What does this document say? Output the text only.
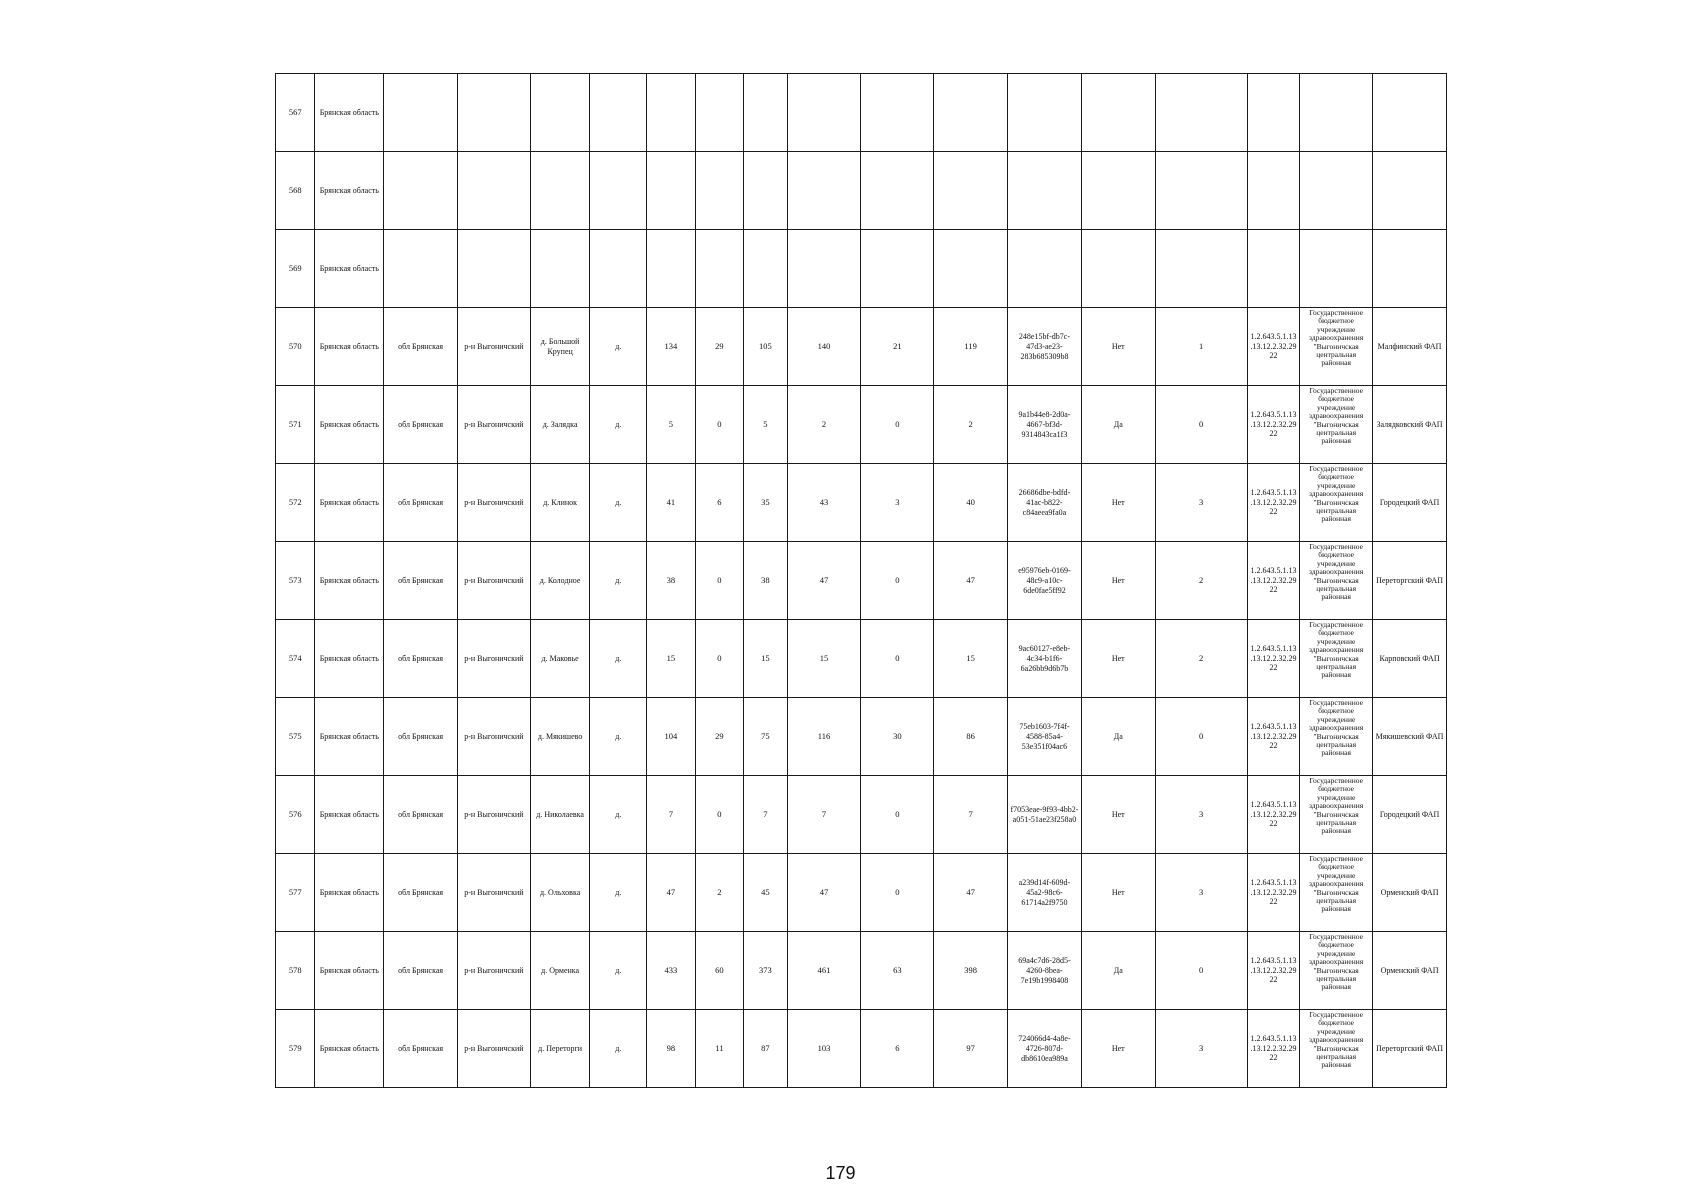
567	Брянская область																
568	Брянская область																
569	Брянская область																
570	Брянская область	обл Брянская	р-н Выгоничский	д. Большой Крупец	д.	134	29	105	140	21	119	248e15bf-db7c-47d3-ae23-283b685309b8	Нет	1	1.2.643.5.1.13.13.12.2.32.2922	Государственное бюджетное учреждение здравоохранения "Выгоничская центральная районная	Малфинский ФАП
571	Брянская область	обл Брянская	р-н Выгоничский	д. Залядка	д.	5	0	5	2	0	2	9a1b44e8-2d0a-4667-bf3d-9314843ca1f3	Да	0	1.2.643.5.1.13.13.12.2.32.2922	Государственное бюджетное учреждение здравоохранения "Выгоничская центральная районная	Залядковский ФАП
572	Брянская область	обл Брянская	р-н Выгоничский	д. Клинок	д.	41	6	35	43	3	40	26686dbe-bdfd-41ac-b822-c84aeea9fa0a	Нет	3	1.2.643.5.1.13.13.12.2.32.2922	Государственное бюджетное учреждение здравоохранения "Выгоничская центральная районная	Городецкий ФАП
573	Брянская область	обл Брянская	р-н Выгоничский	д. Колодное	д.	38	0	38	47	0	47	e95976eb-0169-48c9-a10c-6de0fae5ff92	Нет	2	1.2.643.5.1.13.13.12.2.32.2922	Государственное бюджетное учреждение здравоохранения "Выгоничская центральная районная	Переторгский ФАП
574	Брянская область	обл Брянская	р-н Выгоничский	д. Маковье	д.	15	0	15	15	0	15	9ac60127-e8eb-4c34-b1f6-6a26bb9d6b7b	Нет	2	1.2.643.5.1.13.13.12.2.32.2922	Государственное бюджетное учреждение здравоохранения "Выгоничская центральная районная	Карповский ФАП
575	Брянская область	обл Брянская	р-н Выгоничский	д. Мякишево	д.	104	29	75	116	30	86	75eb1603-7f4f-4588-85a4-53e351f04ac6	Да	0	1.2.643.5.1.13.13.12.2.32.2922	Государственное бюджетное учреждение здравоохранения "Выгоничская центральная районная	Мякишевский ФАП
576	Брянская область	обл Брянская	р-н Выгоничский	д. Николаевка	д.	7	0	7	7	0	7	f7053eae-9f93-4bb2-a051-51ae23f258a0	Нет	3	1.2.643.5.1.13.13.12.2.32.2922	Государственное бюджетное учреждение здравоохранения "Выгоничская центральная районная	Городецкий ФАП
577	Брянская область	обл Брянская	р-н Выгоничский	д. Ольховка	д.	47	2	45	47	0	47	a239d14f-609d-45a2-98c6-61714a2f9750	Нет	3	1.2.643.5.1.13.13.12.2.32.2922	Государственное бюджетное учреждение здравоохранения "Выгоничская центральная районная	Орменский ФАП
578	Брянская область	обл Брянская	р-н Выгоничский	д. Орменка	д.	433	60	373	461	63	398	69a4c7d6-28d5-4260-8bea-7e19b1998408	Да	0	1.2.643.5.1.13.13.12.2.32.2922	Государственное бюджетное учреждение здравоохранения "Выгоничская центральная районная	Орменский ФАП
579	Брянская область	обл Брянская	р-н Выгоничский	д. Переторги	д.	98	11	87	103	6	97	724066d4-4a8e-4726-807d-db8610ea989a	Нет	3	1.2.643.5.1.13.13.12.2.32.2922	Государственное бюджетное учреждение здравоохранения "Выгоничская центральная районная	Переторгский ФАП
179
